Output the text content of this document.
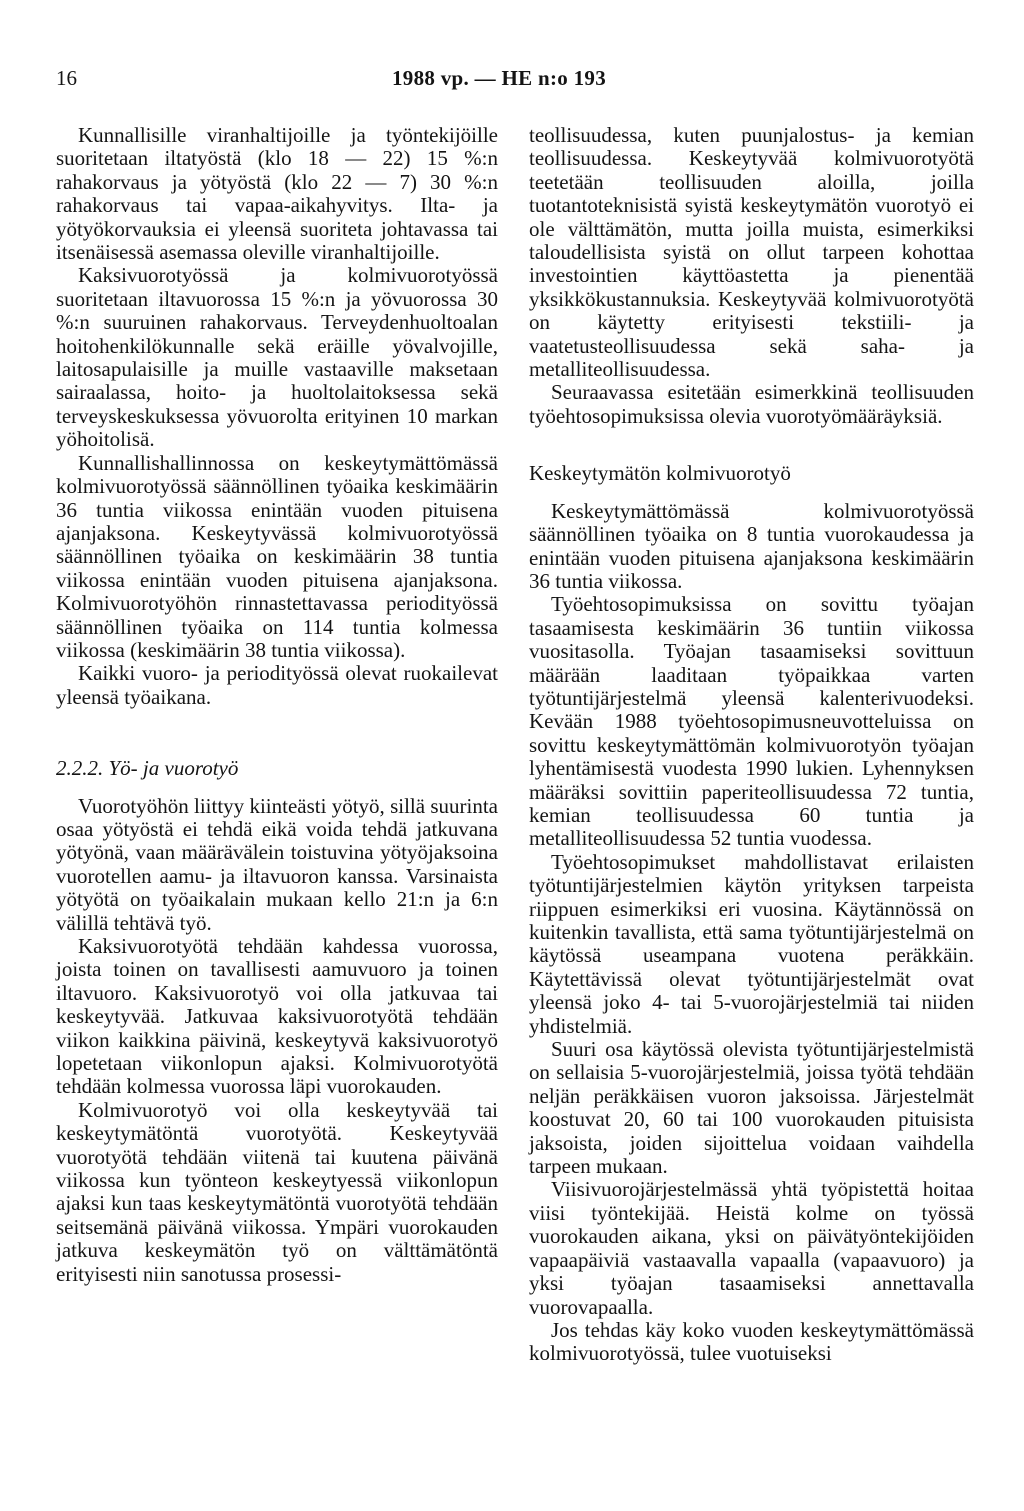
16	1988 vp. — HE n:o 193

Kunnallisille viranhaltijoille ja työntekijöille suoritetaan iltatyöstä (klo 18 — 22) 15 %:n rahakorvaus ja yötyöstä (klo 22 — 7) 30 %:n rahakorvaus tai vapaa-aikahyvitys. Ilta- ja yötyökorvauksia ei yleensä suoriteta johtavassa tai itsenäisessä asemassa oleville viranhaltijoille.

Kaksivuorotyössä ja kolmivuorotyössä suoritetaan iltavuorossa 15 %:n ja yövuorossa 30 %:n suuruinen rahakorvaus. Terveydenhuoltoalan hoitohenkilökunnalle sekä eräille yövalvojille, laitosapulaisille ja muille vastaaville maksetaan sairaalassa, hoito- ja huoltolaitoksessa sekä terveyskeskuksessa yövuorolta erityinen 10 markan yöhoitolisä.

Kunnallishallinnossa on keskeytymättömässä kolmivuorotyössä säännöllinen työaika keskimäärin 36 tuntia viikossa enintään vuoden pituisena ajanjaksona. Keskeytyvässä kolmivuorotyössä säännöllinen työaika on keskimäärin 38 tuntia viikossa enintään vuoden pituisena ajanjaksona. Kolmivuorotyöhön rinnastettavassa periodityössä säännöllinen työaika on 114 tuntia kolmessa viikossa (keskimäärin 38 tuntia viikossa).

Kaikki vuoro- ja periodityössä olevat ruokailevat yleensä työaikana.

2.2.2. Yö- ja vuorotyö

Vuorotyöhön liittyy kiinteästi yötyö, sillä suurinta osaa yötyöstä ei tehdä eikä voida tehdä jatkuvana yötyönä, vaan määrävälein toistuvina yötyöjaksoina vuorotellen aamu- ja iltavuoron kanssa. Varsinaista yötyötä on työaikalain mukaan kello 21:n ja 6:n välillä tehtävä työ.

Kaksivuorotyötä tehdään kahdessa vuorossa, joista toinen on tavallisesti aamuvuoro ja toinen iltavuoro. Kaksivuorotyö voi olla jatkuvaa tai keskeytyvää. Jatkuvaa kaksivuorotyötä tehdään viikon kaikkina päivinä, keskeytyvä kaksivuorotyö lopetetaan viikonlopun ajaksi. Kolmivuorotyötä tehdään kolmessa vuorossa läpi vuorokauden.

Kolmivuorotyö voi olla keskeytyvää tai keskeytymätöntä vuorotyötä. Keskeytyvää vuorotyötä tehdään viitenä tai kuutena päivänä viikossa kun työnteon keskeytyessä viikonlopun ajaksi kun taas keskeytymätöntä vuorotyötä tehdään seitsemänä päivänä viikossa. Ympäri vuorokauden jatkuva keskeymätön työ on välttämätöntä erityisesti niin sanotussa prosessi-

teollisuudessa, kuten puunjalostus- ja kemian teollisuudessa. Keskeytyvää kolmivuorotyötä teetetään teollisuuden aloilla, joilla tuotantoteknisistä syistä keskeytymätön vuorotyö ei ole välttämätön, mutta joilla muista, esimerkiksi taloudellisista syistä on ollut tarpeen kohottaa investointien käyttöastetta ja pienentää yksikkökustannuksia. Keskeytyvää kolmivuorotyötä on käytetty erityisesti tekstiili- ja vaatetusteollisuudessa sekä saha- ja metalliteollisuudessa.

Seuraavassa esitetään esimerkkinä teollisuuden työehtosopimuksissa olevia vuorotyömääräyksiä.

Keskeytymätön kolmivuorotyö

Keskeytymättömässä kolmivuorotyössä säännöllinen työaika on 8 tuntia vuorokaudessa ja enintään vuoden pituisena ajanjaksona keskimäärin 36 tuntia viikossa.

Työehtosopimuksissa on sovittu työajan tasaamisesta keskimäärin 36 tuntiin viikossa vuositasolla. Työajan tasaamiseksi sovittuun määrään laaditaan työpaikkaa varten työtuntijärjestelmä yleensä kalenterivuodeksi. Kevään 1988 työehtosopimusneuvotteluissa on sovittu keskeytymättömän kolmivuorotyön työajan lyhentämisestä vuodesta 1990 lukien. Lyhennyksen määräksi sovittiin paperiteollisuudessa 72 tuntia, kemian teollisuudessa 60 tuntia ja metalliteollisuudessa 52 tuntia vuodessa.

Työehtosopimukset mahdollistavat erilaisten työtuntijärjestelmien käytön yrityksen tarpeista riippuen esimerkiksi eri vuosina. Käytännössä on kuitenkin tavallista, että sama työtuntijärjestelmä on käytössä useampana vuotena peräkkäin. Käytettävissä olevat työtuntijärjestelmät ovat yleensä joko 4- tai 5-vuorojärjestelmiä tai niiden yhdistelmiä.

Suuri osa käytössä olevista työtuntijärjestelmistä on sellaisia 5-vuorojärjestelmiä, joissa työtä tehdään neljän peräkkäisen vuoron jaksoissa. Järjestelmät koostuvat 20, 60 tai 100 vuorokauden pituisista jaksoista, joiden sijoittelua voidaan vaihdella tarpeen mukaan.

Viisivuorojärjestelmässä yhtä työpistettä hoitaa viisi työntekijää. Heistä kolme on työssä vuorokauden aikana, yksi on päivätyöntekijöiden vapaapäiviä vastaavalla vapaalla (vapaavuoro) ja yksi työajan tasaamiseksi annettavalla vuorovapaalla.

Jos tehdas käy koko vuoden keskeytymättömässä kolmivuorotyössä, tulee vuotuiseksi
